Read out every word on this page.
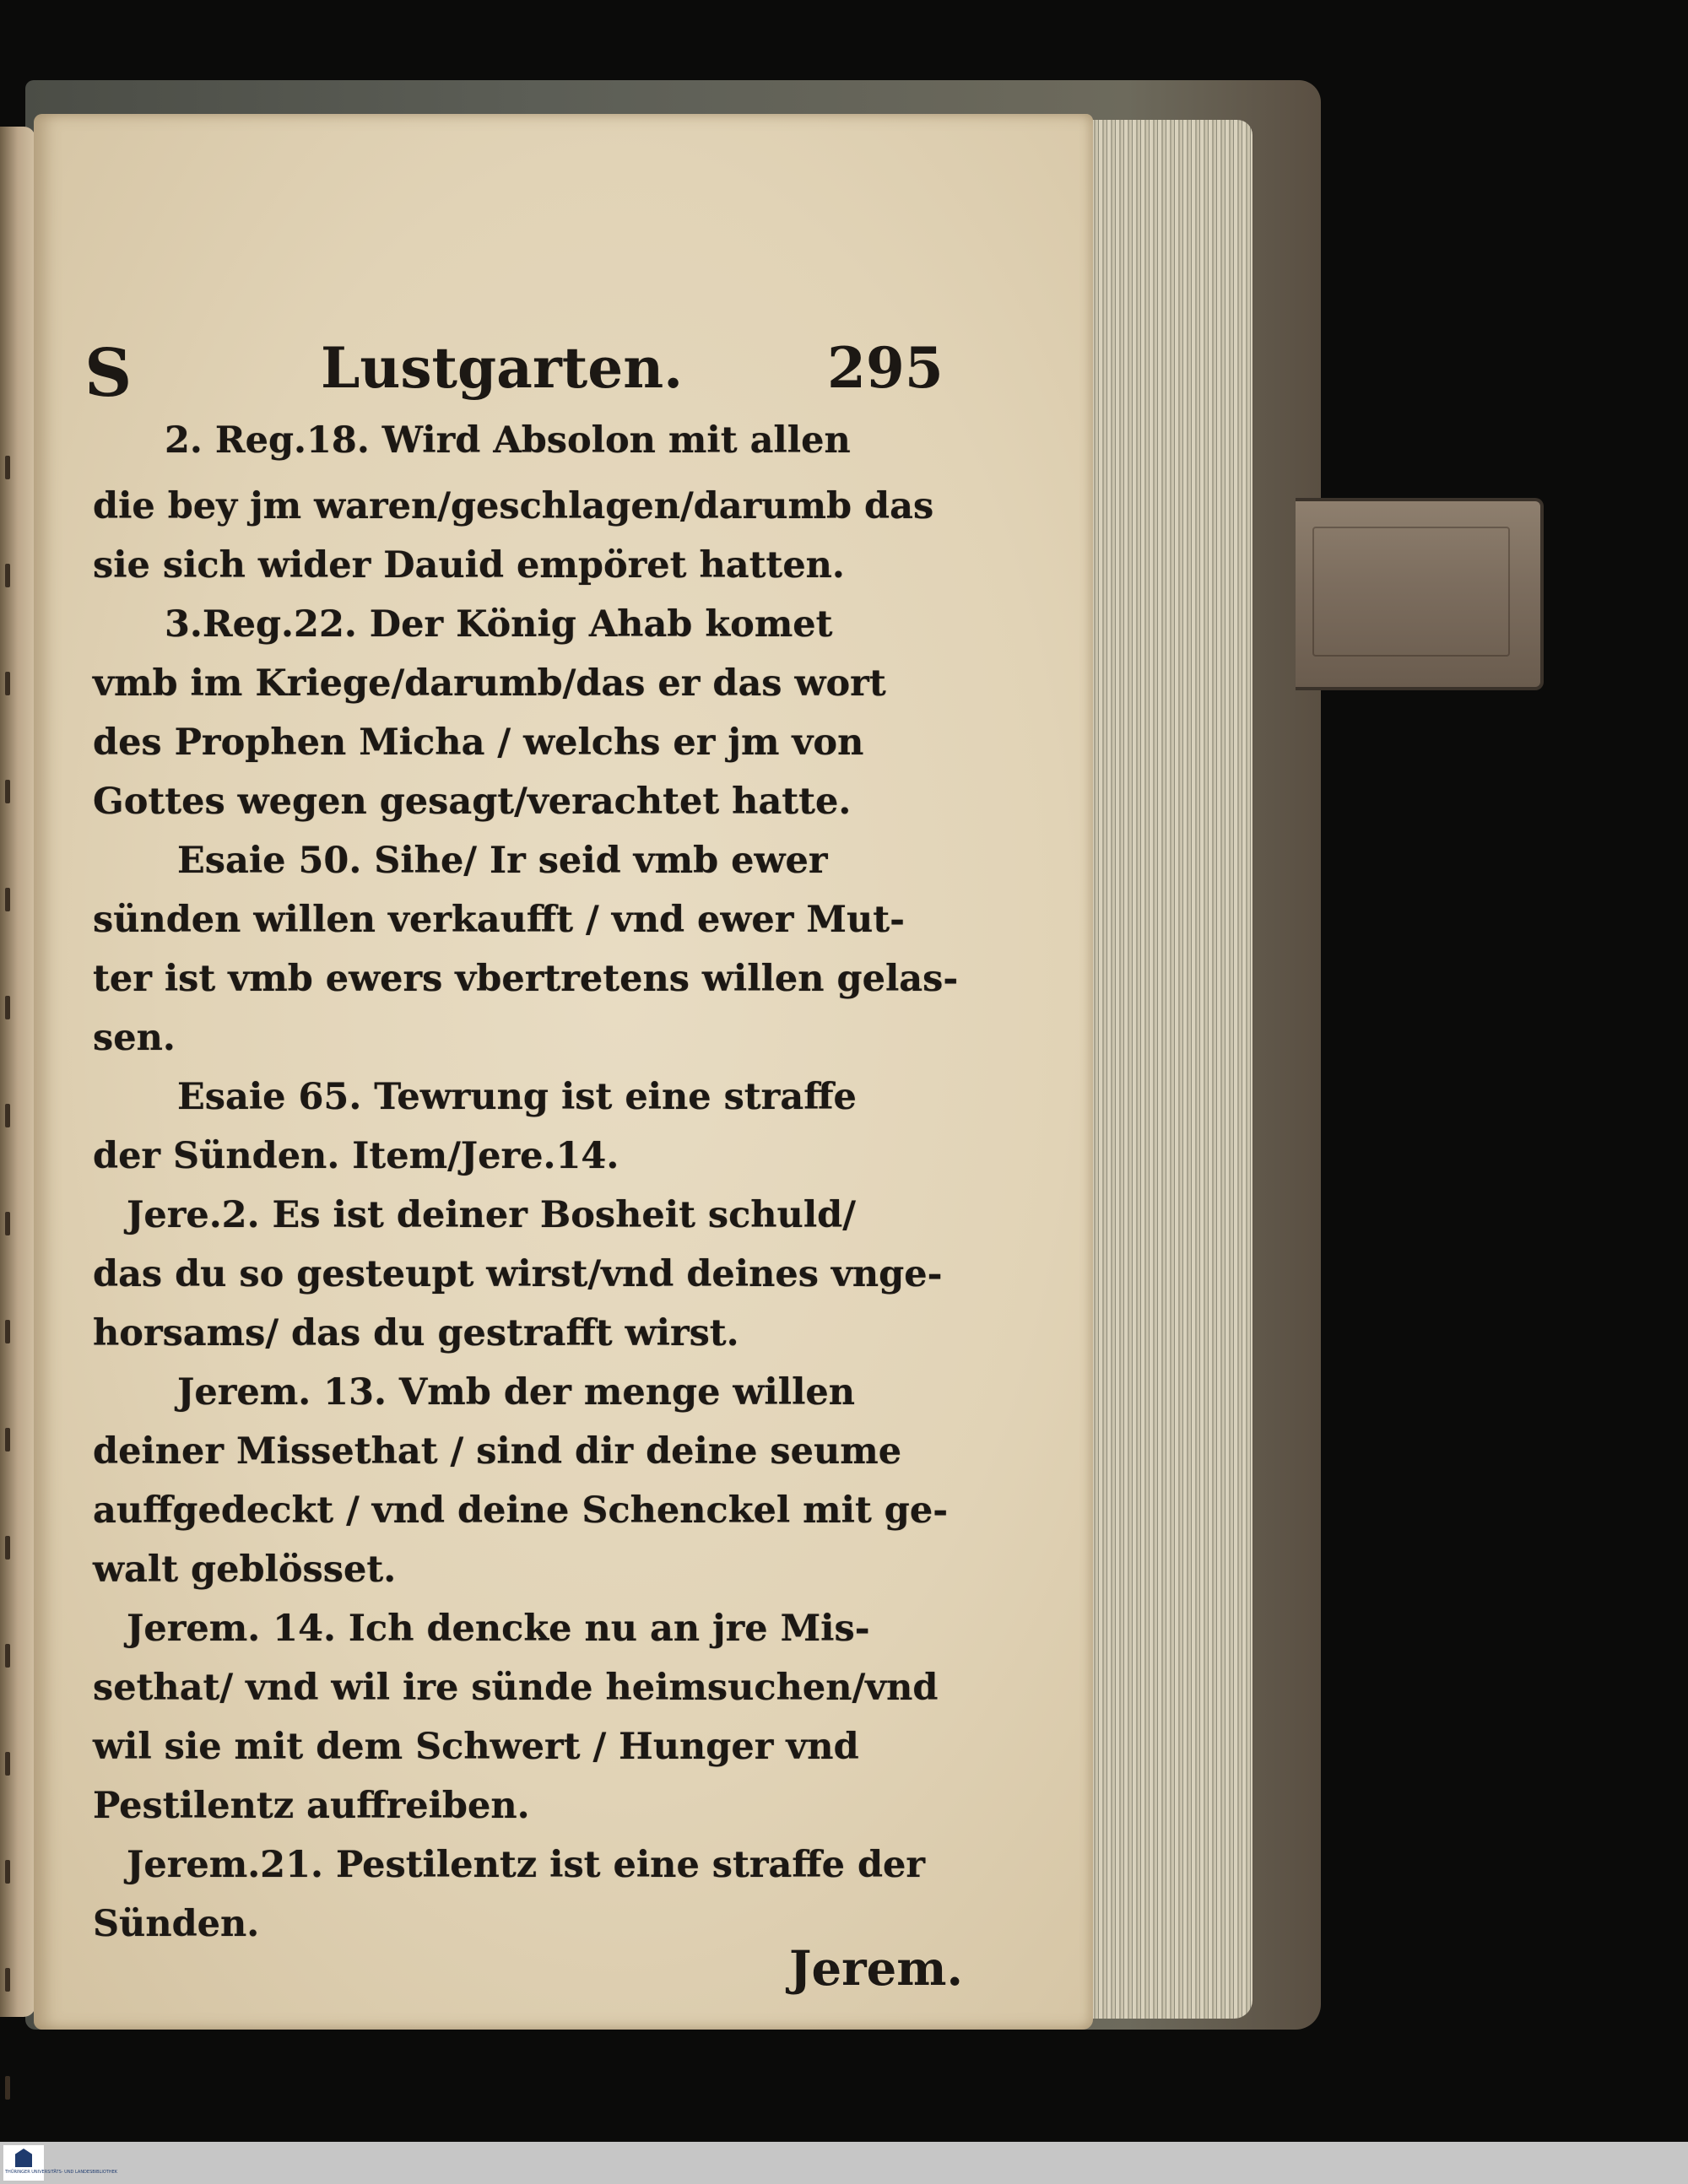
S	Lustgarten.	295
2. Reg.18. Wird Absolon mit allen
die bey jm waren/geschlagen/darumb das
sie sich wider Dauid empöret hatten.
3.Reg.22. Der König Ahab komet
vmb im Kriege/darumb/das er das wort
des Prophen Micha / welchs er jm von
Gottes wegen gesagt/verachtet hatte.
Esaie 50. Sihe/ Ir seid vmb ewer
sünden willen verkaufft / vnd ewer Mut-
ter ist vmb ewers vbertretens willen gelas-
sen.
Esaie 65. Tewrung ist eine straffe
der Sünden. Item/Jere.14.
Jere.2. Es ist deiner Bosheit schuld/
das du so gesteupt wirst/vnd deines vnge-
horsams/ das du gestrafft wirst.
Jerem. 13. Vmb der menge willen
deiner Missethat / sind dir deine seume
auffgedeckt / vnd deine Schenckel mit ge-
walt geblösset.
Jerem. 14. Ich dencke nu an jre Mis-
sethat/ vnd wil ire sünde heimsuchen/vnd
wil sie mit dem Schwert / Hunger vnd
Pestilentz auffreiben.
Jerem.21. Pestilentz ist eine straffe der
Sünden.
Jerem.
THÜRINGER UNIVERSITÄTS- UND LANDESBIBLIOTHEK
